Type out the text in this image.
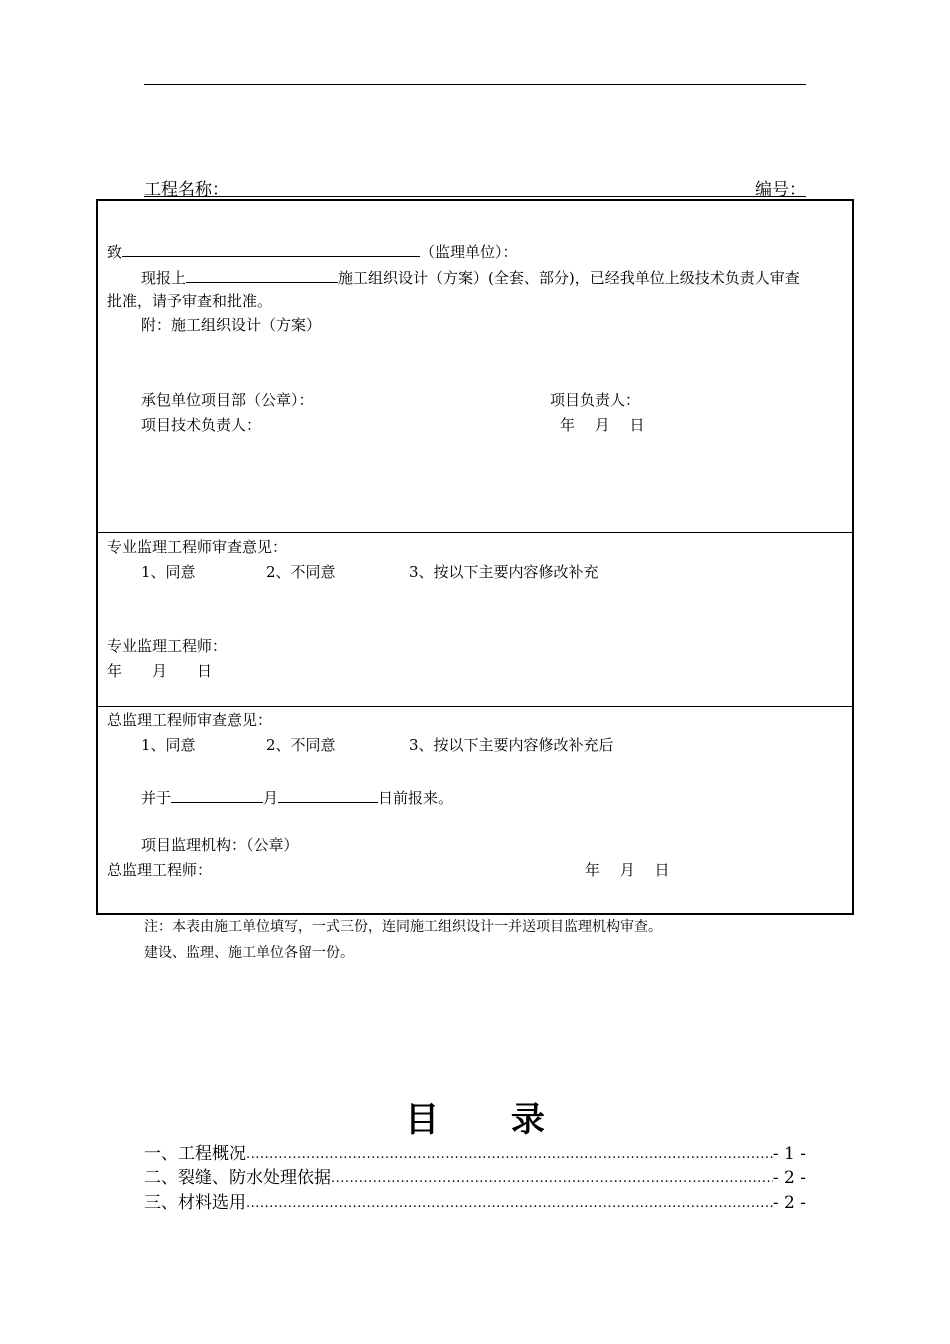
工程名称：	编号：
致	（监理单位）：
现报上	施工组织设计（方案）(全套、部分)，已经我单位上级技术负责人审查
批准，请予审查和批准。
附：施工组织设计（方案）
承包单位项目部（公章）：	项目负责人：
项目技术负责人：	年　 月　 日
专业监理工程师审查意见：
1、同意	2、不同意	3、按以下主要内容修改补充
专业监理工程师：
年　　月　　日
总监理工程师审查意见：
1、同意	2、不同意	3、按以下主要内容修改补充后
并于	月	日前报来。
项目监理机构：（公章）
总监理工程师：	年　 月　 日
注：本表由施工单位填写，一式三份，连同施工组织设计一并送项目监理机构审查。
建设、监理、施工单位各留一份。
目 录
一、工程概况 .....	- 1 -
二、裂缝、防水处理依据 .....	- 2 -
三、材料选用 .....	- 2 -
